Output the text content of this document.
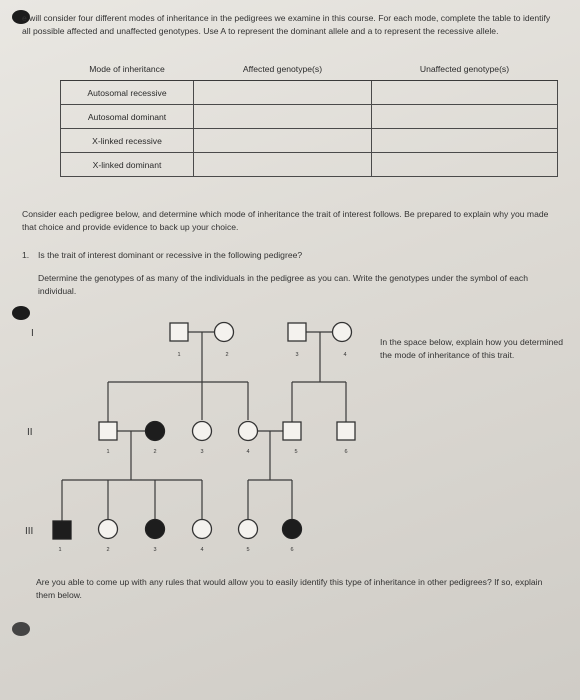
e will consider four different modes of inheritance in the pedigrees we examine in this course. For each mode, complete the table to identify all possible affected and unaffected genotypes. Use A to represent the dominant allele and a to represent the recessive allele.
Mode of inheritance	Affected genotype(s)	Unaffected genotype(s)
Autosomal recessive		
Autosomal dominant		
X-linked recessive		
X-linked dominant		
Consider each pedigree below, and determine which mode of inheritance the trait of interest follows. Be prepared to explain why you made that choice and provide evidence to back up your choice.
1. Is the trait of interest dominant or recessive in the following pedigree?
Determine the genotypes of as many of the individuals in the pedigree as you can. Write the genotypes under the symbol of each individual.
I
II
III
1	2	3	4
1	2	3	4	5	6
1	2	3	4	5	6
In the space below, explain how you determined the mode of inheritance of this trait.
Are you able to come up with any rules that would allow you to easily identify this type of inheritance in other pedigrees? If so, explain them below.
